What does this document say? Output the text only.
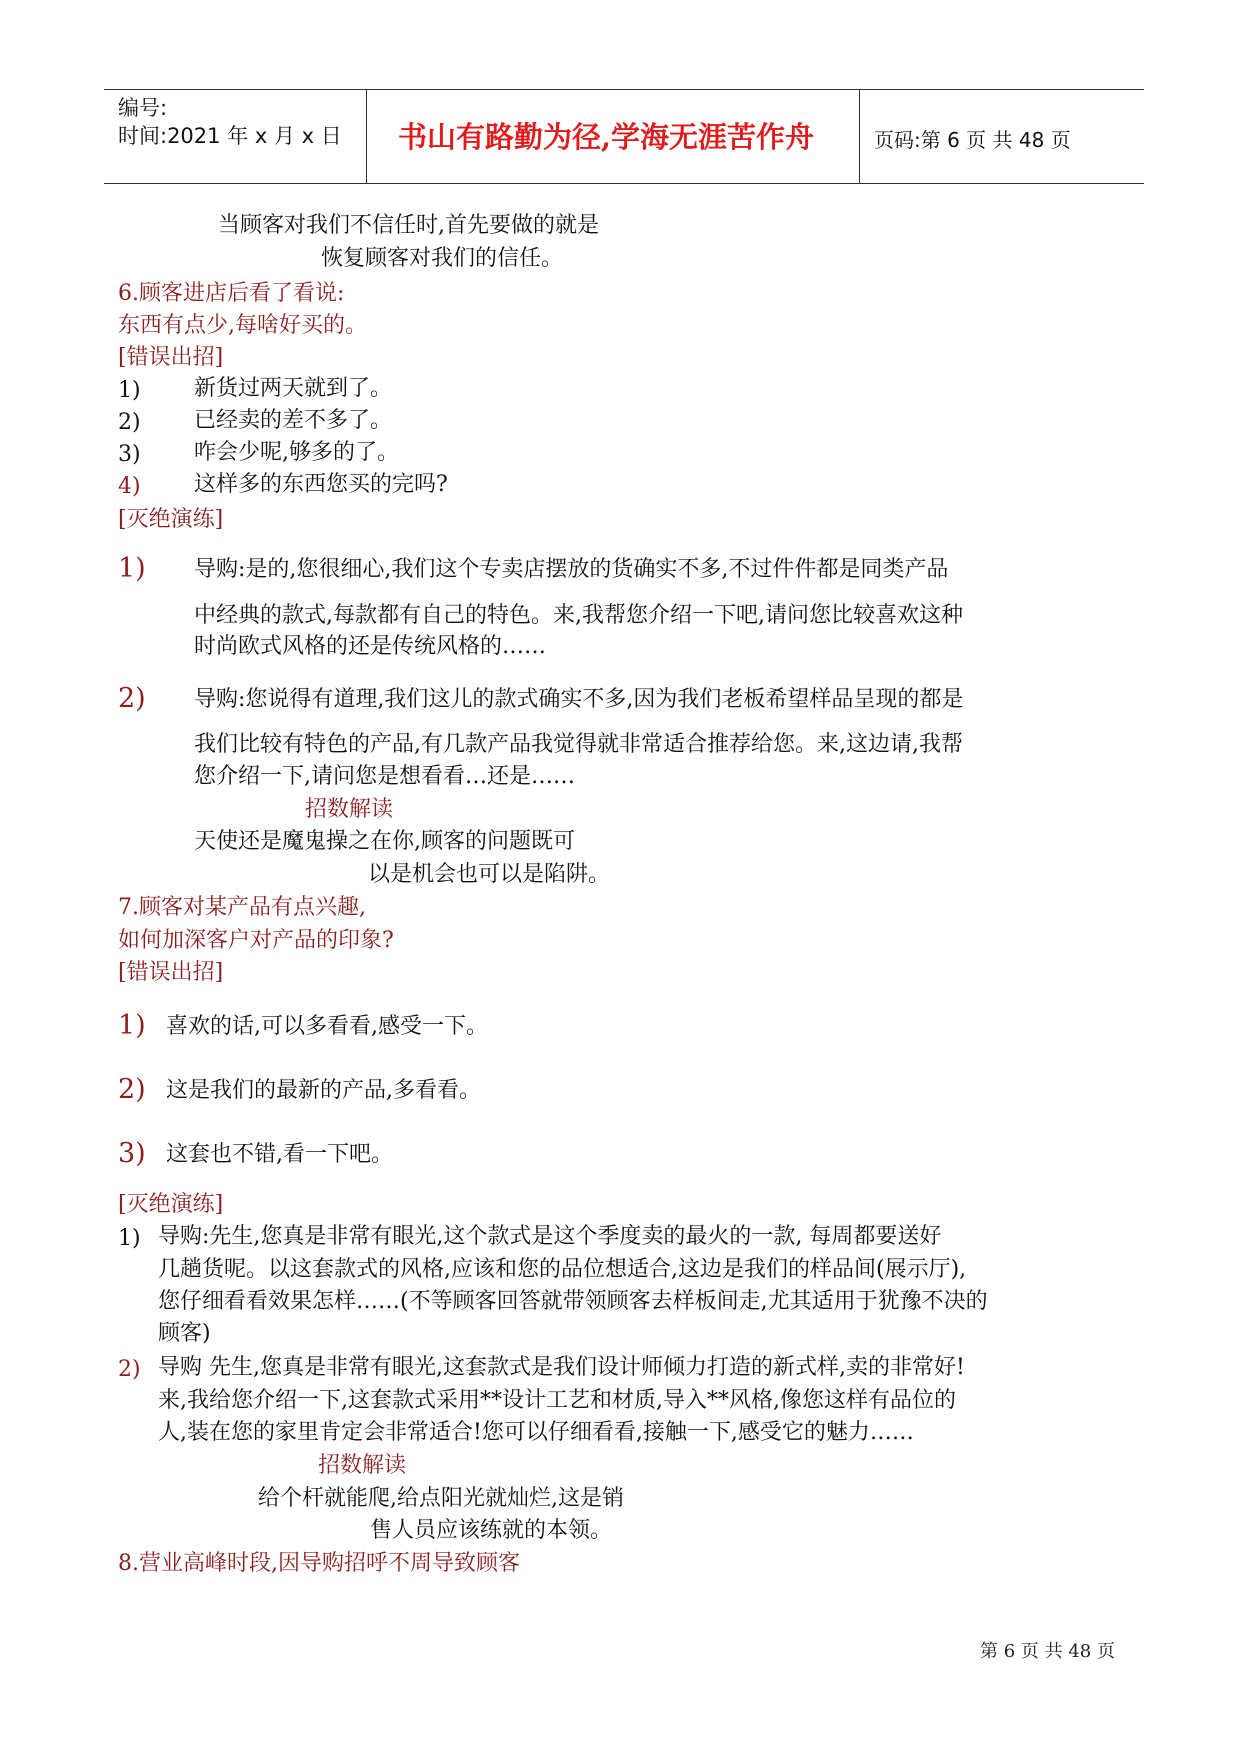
编号:
时间:2021 年 x 月 x 日	书山有路勤为径,学海无涯苦作舟	页码:第 6 页 共 48 页
当顾客对我们不信任时,首先要做的就是
恢复顾客对我们的信任。
6.顾客进店后看了看说:
东西有点少,每啥好买的。
[错误出招]
1) 新货过两天就到了。
2) 已经卖的差不多了。
3) 咋会少呢,够多的了。
4) 这样多的东西您买的完吗?
[灭绝演练]
1) 导购:是的,您很细心,我们这个专卖店摆放的货确实不多,不过件件都是同类产品
中经典的款式,每款都有自己的特色。来,我帮您介绍一下吧,请问您比较喜欢这种
时尚欧式风格的还是传统风格的……
2) 导购:您说得有道理,我们这儿的款式确实不多,因为我们老板希望样品呈现的都是
我们比较有特色的产品,有几款产品我觉得就非常适合推荐给您。来,这边请,我帮
您介绍一下,请问您是想看看…还是……
招数解读
天使还是魔鬼操之在你,顾客的问题既可
以是机会也可以是陷阱。
7.顾客对某产品有点兴趣,
如何加深客户对产品的印象?
[错误出招]
1) 喜欢的话,可以多看看,感受一下。
2) 这是我们的最新的产品,多看看。
3) 这套也不错,看一下吧。
[灭绝演练]
1) 导购:先生,您真是非常有眼光,这个款式是这个季度卖的最火的一款, 每周都要送好
几趟货呢。以这套款式的风格,应该和您的品位想适合,这边是我们的样品间(展示厅),
您仔细看看效果怎样……(不等顾客回答就带领顾客去样板间走,尤其适用于犹豫不决的
顾客)
2) 导购 先生,您真是非常有眼光,这套款式是我们设计师倾力打造的新式样,卖的非常好!
来,我给您介绍一下,这套款式采用**设计工艺和材质,导入**风格,像您这样有品位的
人,装在您的家里肯定会非常适合!您可以仔细看看,接触一下,感受它的魅力……
招数解读
给个杆就能爬,给点阳光就灿烂,这是销
售人员应该练就的本领。
8.营业高峰时段,因导购招呼不周导致顾客
第 6 页 共 48 页
